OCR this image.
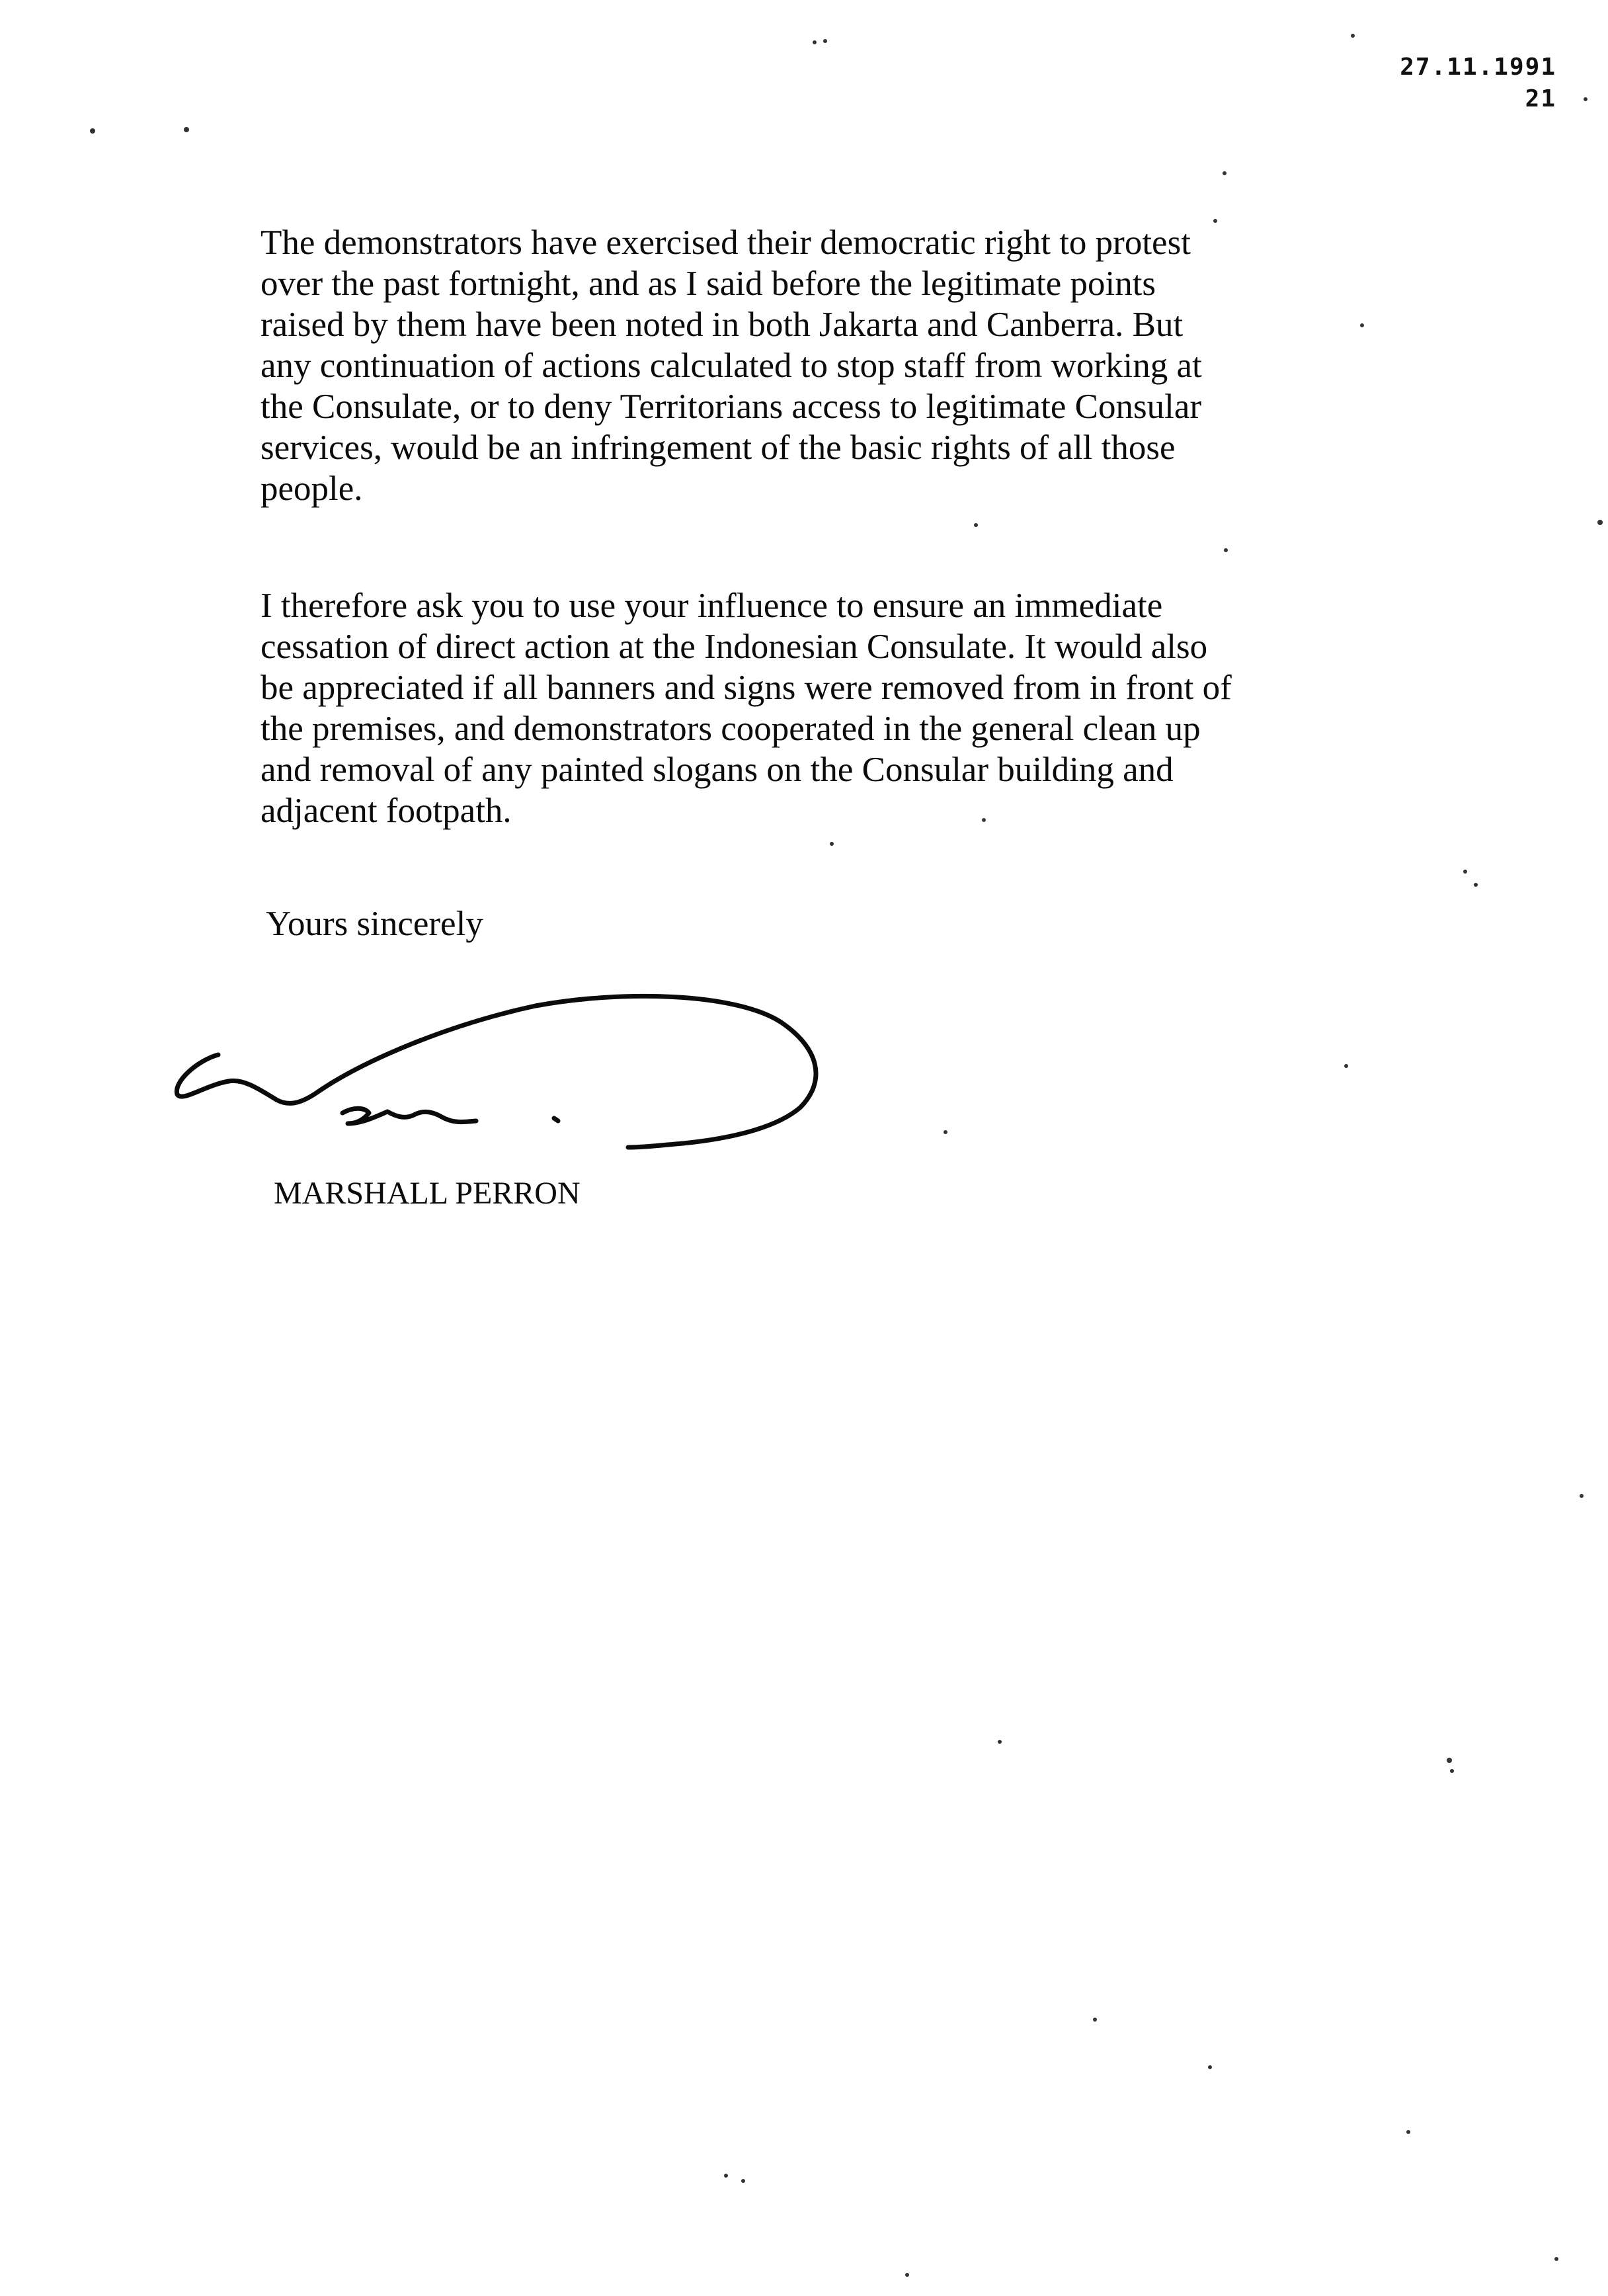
27.11.1991
21

The demonstrators have exercised their democratic right to protest
over the past fortnight, and as I said before the legitimate points
raised by them have been noted in both Jakarta and Canberra. But
any continuation of actions calculated to stop staff from working at
the Consulate, or to deny Territorians access to legitimate Consular
services, would be an infringement of the basic rights of all those
people.

I therefore ask you to use your influence to ensure an immediate
cessation of direct action at the Indonesian Consulate. It would also
be appreciated if all banners and signs were removed from in front of
the premises, and demonstrators cooperated in the general clean up
and removal of any painted slogans on the Consular building and
adjacent footpath.

Yours sincerely
MARSHALL PERRON
